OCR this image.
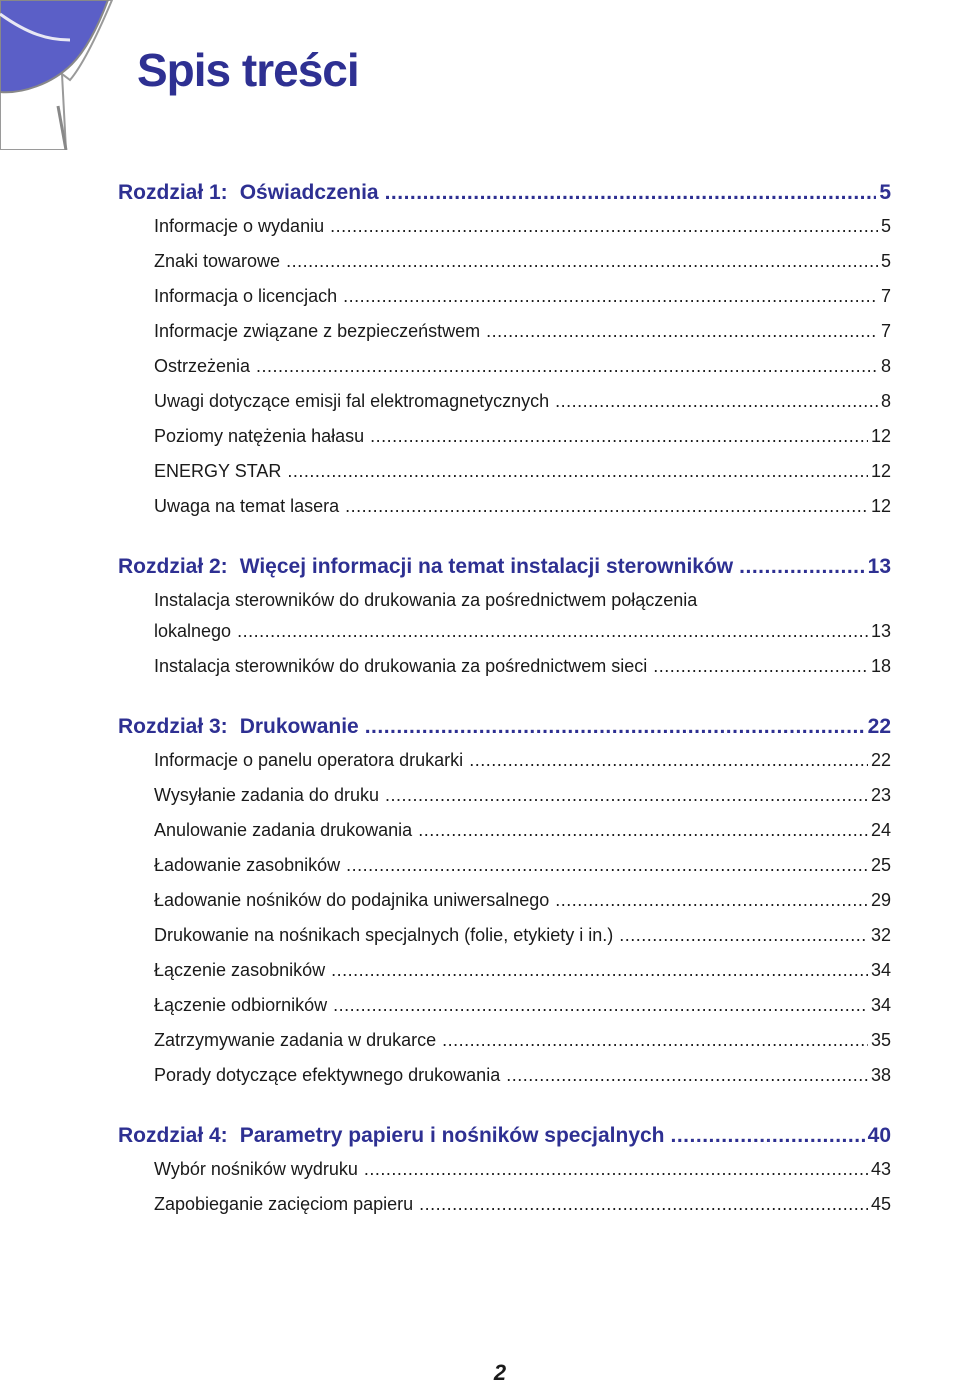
Spis treści
Rozdział 1: Oświadczenia .....	5
Informacje o wydaniu .....	5
Znaki towarowe .....	5
Informacja o licencjach .....	7
Informacje związane z bezpieczeństwem .....	7
Ostrzeżenia .....	8
Uwagi dotyczące emisji fal elektromagnetycznych .....	8
Poziomy natężenia hałasu .....	12
ENERGY STAR .....	12
Uwaga na temat lasera .....	12
Rozdział 2: Więcej informacji na temat instalacji sterowników .....	13
Instalacja sterowników do drukowania za pośrednictwem połączenia
lokalnego .....	13
Instalacja sterowników do drukowania za pośrednictwem sieci .....	18
Rozdział 3: Drukowanie .....	22
Informacje o panelu operatora drukarki .....	22
Wysyłanie zadania do druku .....	23
Anulowanie zadania drukowania .....	24
Ładowanie zasobników .....	25
Ładowanie nośników do podajnika uniwersalnego .....	29
Drukowanie na nośnikach specjalnych (folie, etykiety i in.) .....	32
Łączenie zasobników .....	34
Łączenie odbiorników .....	34
Zatrzymywanie zadania w drukarce .....	35
Porady dotyczące efektywnego drukowania .....	38
Rozdział 4: Parametry papieru i nośników specjalnych .....	40
Wybór nośników wydruku .....	43
Zapobieganie zacięciom papieru .....	45
2
